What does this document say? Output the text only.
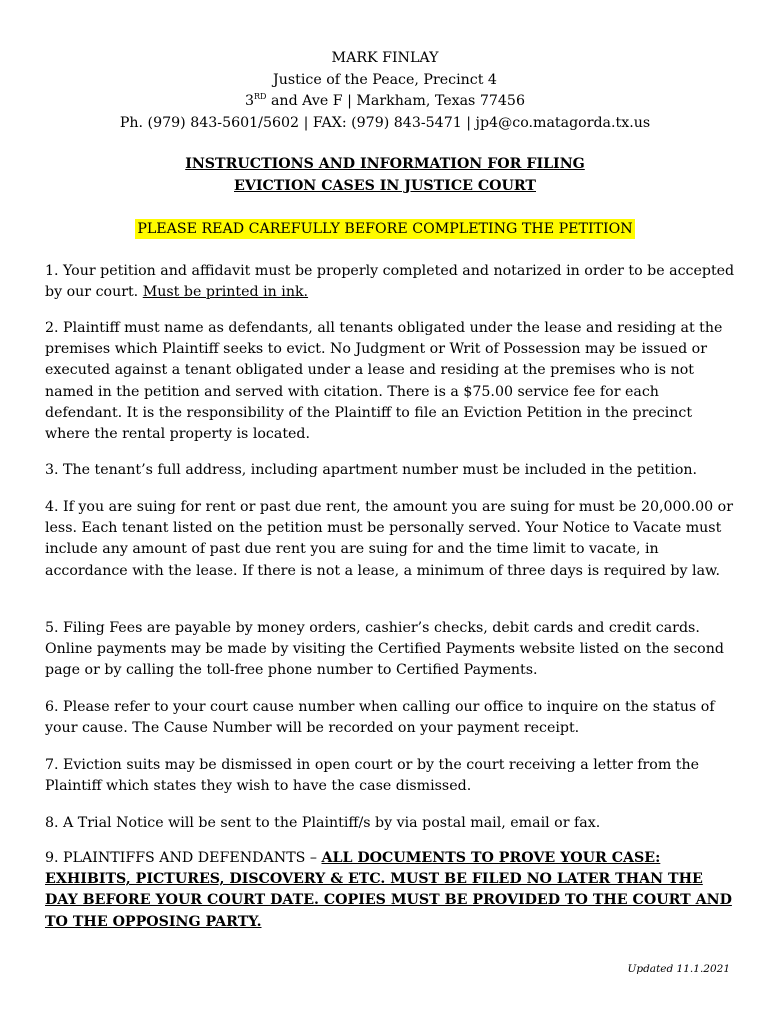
MARK FINLAY
Justice of the Peace, Precinct 4
3RD and Ave F | Markham, Texas 77456
Ph. (979) 843-5601/5602 | FAX: (979) 843-5471 | jp4@co.matagorda.tx.us
INSTRUCTIONS AND INFORMATION FOR FILING
EVICTION CASES IN JUSTICE COURT
PLEASE READ CAREFULLY BEFORE COMPLETING THE PETITION
1. Your petition and affidavit must be properly completed and notarized in order to be accepted by our court. Must be printed in ink.
2. Plaintiff must name as defendants, all tenants obligated under the lease and residing at the premises which Plaintiff seeks to evict. No Judgment or Writ of Possession may be issued or executed against a tenant obligated under a lease and residing at the premises who is not named in the petition and served with citation. There is a $75.00 service fee for each defendant. It is the responsibility of the Plaintiff to file an Eviction Petition in the precinct where the rental property is located.
3. The tenant’s full address, including apartment number must be included in the petition.
4. If you are suing for rent or past due rent, the amount you are suing for must be 20,000.00 or less. Each tenant listed on the petition must be personally served. Your Notice to Vacate must include any amount of past due rent you are suing for and the time limit to vacate, in accordance with the lease. If there is not a lease, a minimum of three days is required by law.
5. Filing Fees are payable by money orders, cashier’s checks, debit cards and credit cards. Online payments may be made by visiting the Certified Payments website listed on the second page or by calling the toll-free phone number to Certified Payments.
6. Please refer to your court cause number when calling our office to inquire on the status of your cause. The Cause Number will be recorded on your payment receipt.
7. Eviction suits may be dismissed in open court or by the court receiving a letter from the Plaintiff which states they wish to have the case dismissed.
8. A Trial Notice will be sent to the Plaintiff/s by via postal mail, email or fax.
9. PLAINTIFFS AND DEFENDANTS – ALL DOCUMENTS TO PROVE YOUR CASE: EXHIBITS, PICTURES, DISCOVERY & ETC. MUST BE FILED NO LATER THAN THE DAY BEFORE YOUR COURT DATE. COPIES MUST BE PROVIDED TO THE COURT AND TO THE OPPOSING PARTY.
Updated 11.1.2021
